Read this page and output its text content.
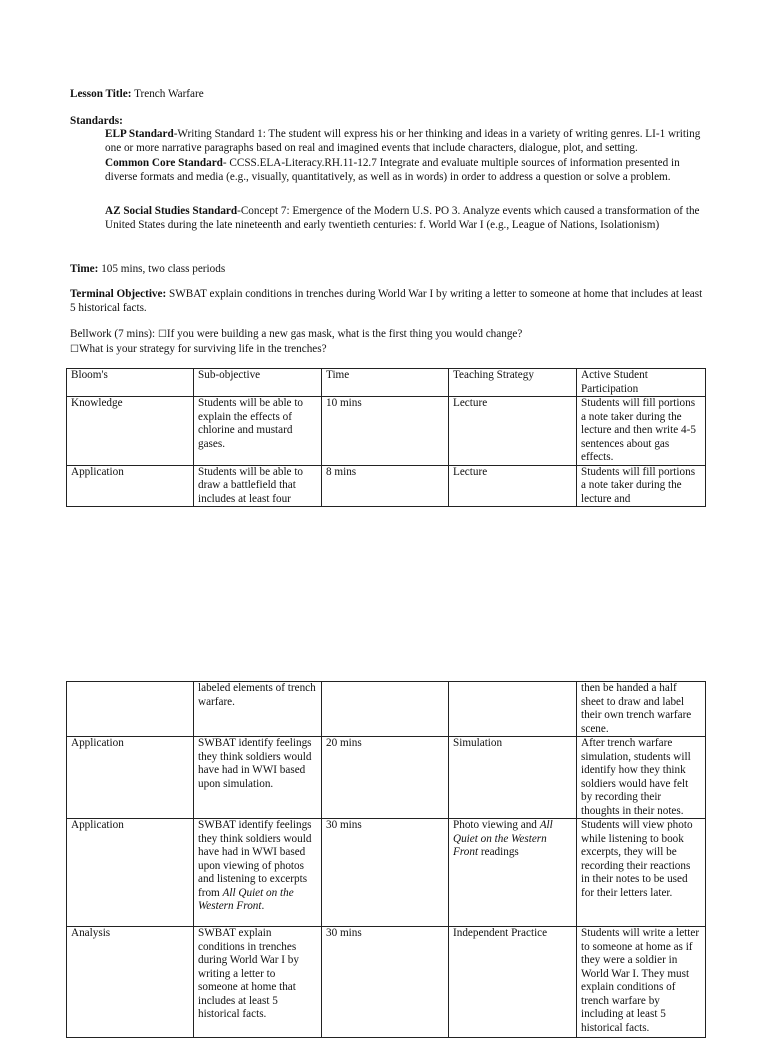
Lesson Title: Trench Warfare
Standards:
ELP Standard-Writing Standard 1: The student will express his or her thinking and ideas in a variety of writing genres. LI-1 writing one or more narrative paragraphs based on real and imagined events that include characters, dialogue, plot, and setting.
Common Core Standard- CCSS.ELA-Literacy.RH.11-12.7 Integrate and evaluate multiple sources of information presented in diverse formats and media (e.g., visually, quantitatively, as well as in words) in order to address a question or solve a problem.
AZ Social Studies Standard-Concept 7: Emergence of the Modern U.S. PO 3. Analyze events which caused a transformation of the United States during the late nineteenth and early twentieth centuries: f. World War I (e.g., League of Nations, Isolationism)
Time: 105 mins, two class periods
Terminal Objective: SWBAT explain conditions in trenches during World War I by writing a letter to someone at home that includes at least 5 historical facts.
Bellwork (7 mins): ☐If you were building a new gas mask, what is the first thing you would change?
☐What is your strategy for surviving life in the trenches?
Bloom's	Sub-objective	Time	Teaching Strategy	Active Student Participation
Knowledge	Students will be able to explain the effects of chlorine and mustard gases.	10 mins	Lecture	Students will fill portions a note taker during the lecture and then write 4-5 sentences about gas effects.
Application	Students will be able to draw a battlefield that includes at least four	8 mins	Lecture	Students will fill portions a note taker during the lecture and
	labeled elements of trench warfare.			then be handed a half sheet to draw and label their own trench warfare scene.
Application	SWBAT identify feelings they think soldiers would have had in WWI based upon simulation.	20 mins	Simulation	After trench warfare simulation, students will identify how they think soldiers would have felt by recording their thoughts in their notes.
Application	SWBAT identify feelings they think soldiers would have had in WWI based upon viewing of photos and listening to excerpts from All Quiet on the Western Front.	30 mins	Photo viewing and All Quiet on the Western Front readings	Students will view photo while listening to book excerpts, they will be recording their reactions in their notes to be used for their letters later.
Analysis	SWBAT explain conditions in trenches during World War I by writing a letter to someone at home that includes at least 5 historical facts.	30 mins	Independent Practice	Students will write a letter to someone at home as if they were a soldier in World War I. They must explain conditions of trench warfare by including at least 5 historical facts.
